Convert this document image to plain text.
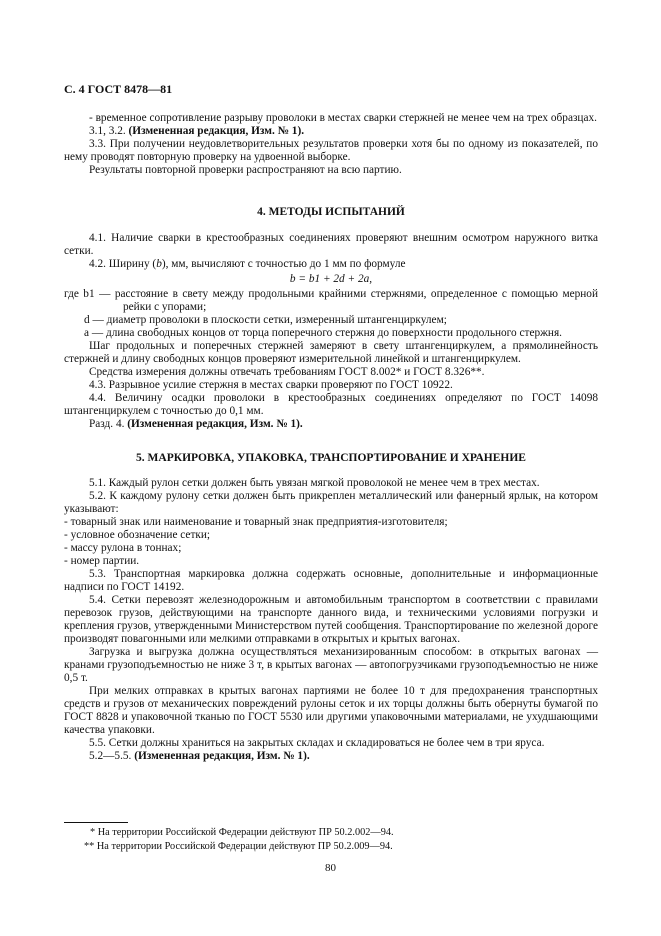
С. 4 ГОСТ 8478—81

- временное сопротивление разрыву проволоки в местах сварки стержней не менее чем на трех образцах.

3.1, 3.2. (Измененная редакция, Изм. № 1).

3.3. При получении неудовлетворительных результатов проверки хотя бы по одному из показателей, по нему проводят повторную проверку на удвоенной выборке.

Результаты повторной проверки распространяют на всю партию.

4. МЕТОДЫ ИСПЫТАНИЙ

4.1. Наличие сварки в крестообразных соединениях проверяют внешним осмотром наружного витка сетки.

4.2. Ширину (b), мм, вычисляют с точностью до 1 мм по формуле

b = b1 + 2d + 2a,

где b1 — расстояние в свету между продольными крайними стержнями, определенное с помощью мерной рейки с упорами;

d — диаметр проволоки в плоскости сетки, измеренный штангенциркулем;

a — длина свободных концов от торца поперечного стержня до поверхности продольного стержня.

Шаг продольных и поперечных стержней замеряют в свету штангенциркулем, а прямолинейность стержней и длину свободных концов проверяют измерительной линейкой и штангенциркулем.

Средства измерения должны отвечать требованиям ГОСТ 8.002* и ГОСТ 8.326**.

4.3. Разрывное усилие стержня в местах сварки проверяют по ГОСТ 10922.

4.4. Величину осадки проволоки в крестообразных соединениях определяют по ГОСТ 14098 штангенциркулем с точностью до 0,1 мм.

Разд. 4. (Измененная редакция, Изм. № 1).

5. МАРКИРОВКА, УПАКОВКА, ТРАНСПОРТИРОВАНИЕ И ХРАНЕНИЕ

5.1. Каждый рулон сетки должен быть увязан мягкой проволокой не менее чем в трех местах.

5.2. К каждому рулону сетки должен быть прикреплен металлический или фанерный ярлык, на котором указывают:

- товарный знак или наименование и товарный знак предприятия-изготовителя;

- условное обозначение сетки;

- массу рулона в тоннах;

- номер партии.

5.3. Транспортная маркировка должна содержать основные, дополнительные и информационные надписи по ГОСТ 14192.

5.4. Сетки перевозят железнодорожным и автомобильным транспортом в соответствии с правилами перевозок грузов, действующими на транспорте данного вида, и техническими условиями погрузки и крепления грузов, утвержденными Министерством путей сообщения. Транспортирование по железной дороге производят повагонными или мелкими отправками в открытых и крытых вагонах.

Загрузка и выгрузка должна осуществляться механизированным способом: в открытых вагонах — кранами грузоподъемностью не ниже 3 т, в крытых вагонах — автопогрузчиками грузоподъемностью не ниже 0,5 т.

При мелких отправках в крытых вагонах партиями не более 10 т для предохранения транспортных средств и грузов от механических повреждений рулоны сеток и их торцы должны быть обернуты бумагой по ГОСТ 8828 и упаковочной тканью по ГОСТ 5530 или другими упаковочными материалами, не ухудшающими качества упаковки.

5.5. Сетки должны храниться на закрытых складах и складироваться не более чем в три яруса.

5.2—5.5. (Измененная редакция, Изм. № 1).

* На территории Российской Федерации действуют ПР 50.2.002—94.
** На территории Российской Федерации действуют ПР 50.2.009—94.
80
